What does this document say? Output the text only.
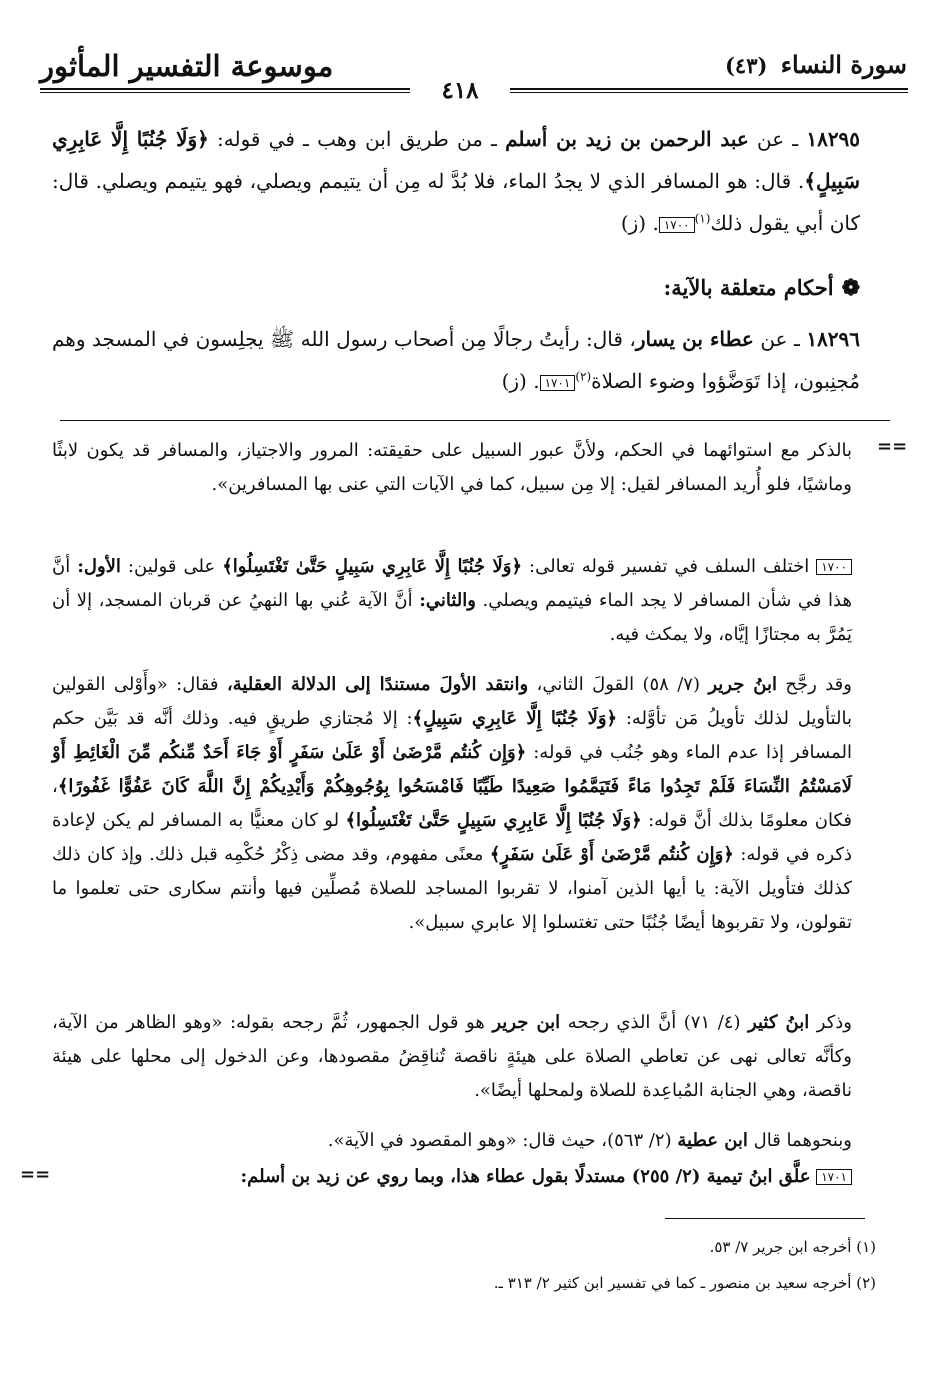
موسوعة التفسير المأثور	(٤٣) سورة النساء
٤١٨
١٨٢٩٥ ـ عن عبد الرحمن بن زيد بن أسلم ـ من طريق ابن وهب ـ في قوله: ﴿وَلَا جُنُبًا إِلَّا عَابِرِي سَبِيلٍ﴾. قال: هو المسافر الذي لا يجدُ الماء، فلا بُدَّ له مِن أن يتيمم ويصلي، فهو يتيمم ويصلي. قال: كان أبي يقول ذلك$^{(١)}$١٧٠٠. (ز)
❁أحكام متعلقة بالآية:
١٨٢٩٦ ـ عن عطاء بن يسار، قال: رأيتُ رجالًا مِن أصحاب رسول الله ﷺ يجلِسون في المسجد وهم مُجنِبون، إذا تَوَضَّؤوا وضوء الصلاة$^{(٢)}$١٧٠١. (ز)
==
بالذكر مع استوائهما في الحكم، ولأنَّ عبور السبيل على حقيقته: المرور والاجتياز، والمسافر قد يكون لابثًا وماشيًا، فلو أُريد المسافر لقيل: إلا مِن سبيل، كما في الآيات التي عنى بها المسافرين».
١٧٠٠ اختلف السلف في تفسير قوله تعالى: ﴿وَلَا جُنُبًا إِلَّا عَابِرِي سَبِيلٍ حَتَّىٰ تَغْتَسِلُوا﴾ على قولين: الأول: أنَّ هذا في شأن المسافر لا يجد الماء فيتيمم ويصلي. والثاني: أنَّ الآية عُني بها النهيُ عن قربان المسجد، إلا أن يَمُرَّ به مجتازًا إيَّاه، ولا يمكث فيه.
وقد رجَّح ابنُ جرير (٧/ ٥٨) القولَ الثاني، وانتقد الأولَ مستندًا إلى الدلالة العقلية، فقال: «وأَوْلى القولين بالتأويل لذلك تأويلُ مَن تأوَّله: ﴿وَلَا جُنُبًا إِلَّا عَابِرِي سَبِيلٍ﴾: إلا مُجتازي طريقٍ فيه. وذلك أنَّه قد بَيَّن حكم المسافر إذا عدم الماء وهو جُنُب في قوله: ﴿وَإِن كُنتُم مَّرْضَىٰ أَوْ عَلَىٰ سَفَرٍ أَوْ جَاءَ أَحَدٌ مِّنكُم مِّنَ الْغَائِطِ أَوْ لَامَسْتُمُ النِّسَاءَ فَلَمْ تَجِدُوا مَاءً فَتَيَمَّمُوا صَعِيدًا طَيِّبًا فَامْسَحُوا بِوُجُوهِكُمْ وَأَيْدِيكُمْ إِنَّ اللَّهَ كَانَ عَفُوًّا غَفُورًا﴾، فكان معلومًا بذلك أنَّ قوله: ﴿وَلَا جُنُبًا إِلَّا عَابِرِي سَبِيلٍ حَتَّىٰ تَغْتَسِلُوا﴾ لو كان معنيًّا به المسافر لم يكن لإعادة ذكره في قوله: ﴿وَإِن كُنتُم مَّرْضَىٰ أَوْ عَلَىٰ سَفَرٍ﴾ معنًى مفهوم، وقد مضى ذِكْرُ حُكْمِه قبل ذلك. وإذ كان ذلك كذلك فتأويل الآية: يا أيها الذين آمنوا، لا تقربوا المساجد للصلاة مُصلِّين فيها وأنتم سكارى حتى تعلموا ما تقولون، ولا تقربوها أيضًا جُنُبًا حتى تغتسلوا إلا عابري سبيل».
وذكر ابنُ كثير (٤/ ٧١) أنَّ الذي رجحه ابن جرير هو قول الجمهور، ثُمَّ رجحه بقوله: «وهو الظاهر من الآية، وكأنَّه تعالى نهى عن تعاطي الصلاة على هيئةٍ ناقصة تُناقِضُ مقصودها، وعن الدخول إلى محلها على هيئة ناقصة، وهي الجنابة المُباعِدة للصلاة ولمحلها أيضًا».
وبنحوهما قال ابن عطية (٢/ ٥٦٣)، حيث قال: «وهو المقصود في الآية».
١٧٠١ علَّق ابنُ تيمية (٢/ ٢٥٥) مستدلًا بقول عطاء هذا، وبما روي عن زيد بن أسلم:
==
(١) أخرجه ابن جرير ٧/ ٥٣.
(٢) أخرجه سعيد بن منصور ـ كما في تفسير ابن كثير ٢/ ٣١٣ ـ.
